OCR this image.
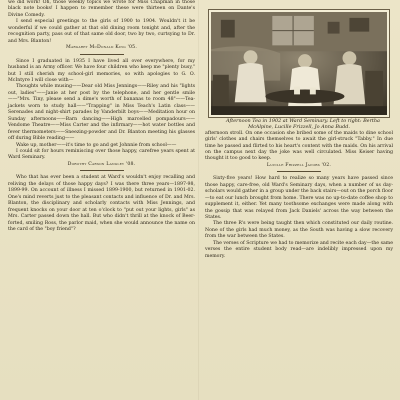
we did work! Oh, those weekly topics we wrote for Miss Chapman in those black note books! I happen to remember these were thirteen on Dante's Divine Comedy.

I send especial greetings to the girls of 1900 to 1904. Wouldn't it be wonderful if we could gather at that old dining room tonight and, after the recognition party, pass out of that same old door, two by two, curtsying to Dr. and Mrs. Blanton!

Margaret McDonald King '05.

Since I graduated in 1935 I have lived all over everywhere, for my husband is an Army officer. We have four children who keep me "plenty busy," but I still cherish my school-girl memories, so with apologies to G. O. McIntyre I will close with—

Thoughts while musing——Dear old Miss Jennings——Riley and his "lights out, ladies"——Janie at her post by the telephone, and her gentle smile——"Mrs. Tiny, please send a dime's worth of bananas to room 48"——Tea-jackets worn to study hall——"Trapping" in Miss Teach's Latin class——Serenades and night-shirt parades by Vanderbilt boys——Meditation hour on Sunday afternoons——Barn dancing——High marcelled pompadours——Vendome Theatre——Miss Carter and the infirmary——hot water bottles and fever thermometers——Sneezing-powder and Dr. Blanton meeting his glasses off during Bible reading——

Wake up, mother——it's time to go and get Johnnie from school——

I could sit for hours reminiscing over those happy, carefree years spent at Ward Seminary.

Dorothy Carson Langley '08.

Who that has ever been a student at Ward's wouldn't enjoy recalling and reliving the delays of those happy days? I was there three years—1897-98, 1899-99. On account of illness I missed 1899-1900, but returned in 1901-02. One's mind reverts just to the pleasant contacts and influence of Dr. and Mrs. Blanton, the disciplinary and scholarly contacts with Miss Jennings, and frequent knocks on your door at ten o'clock to "put out your lights, girls" as Mrs. Carter passed down the hall. But who didn't thrill at the knock of Beer-forted, smiling Ross, the parlor maid, when she would announce the name on the card of the "boy friend"?

Afternoon Tea in 1902 at Ward Seminary. Left to right: Bertha McAlpine, Lucille Frizzell, Jo Anna Budd.

afternoon stroll. On one occasion she bribed some of the maids to dine school girls' clothes and chairs themselves to await the girl-struck "Tabby." In due time he passed and flirted to his heart's content with the maids. On his arrival on the campus next day the joke was well circulated. Miss Keiser having thought it too good to keep.

Lucille Frizzell Jacobs '02.

Sixty-five years! How hard to realize so many years have passed since those happy, care-free, old Ward's Seminary days, when a number of us day-scholars would gather in a group under the back stairs—out on the porch floor—to eat our lunch brought from home. There was no up-to-date coffee shop to supplement it, either. Yet many toothsome exchanges were made along with the gossip that was relayed from Jack Daniels' across the way between the States.

The three R's were being taught then which constituted our daily routine. None of the girls had much money, as the South was having a slow recovery from the war between the States.

The verses of Scripture we had to memorize and recite each day—the same verses the entire student body read—are indelibly impressed upon my memory.
